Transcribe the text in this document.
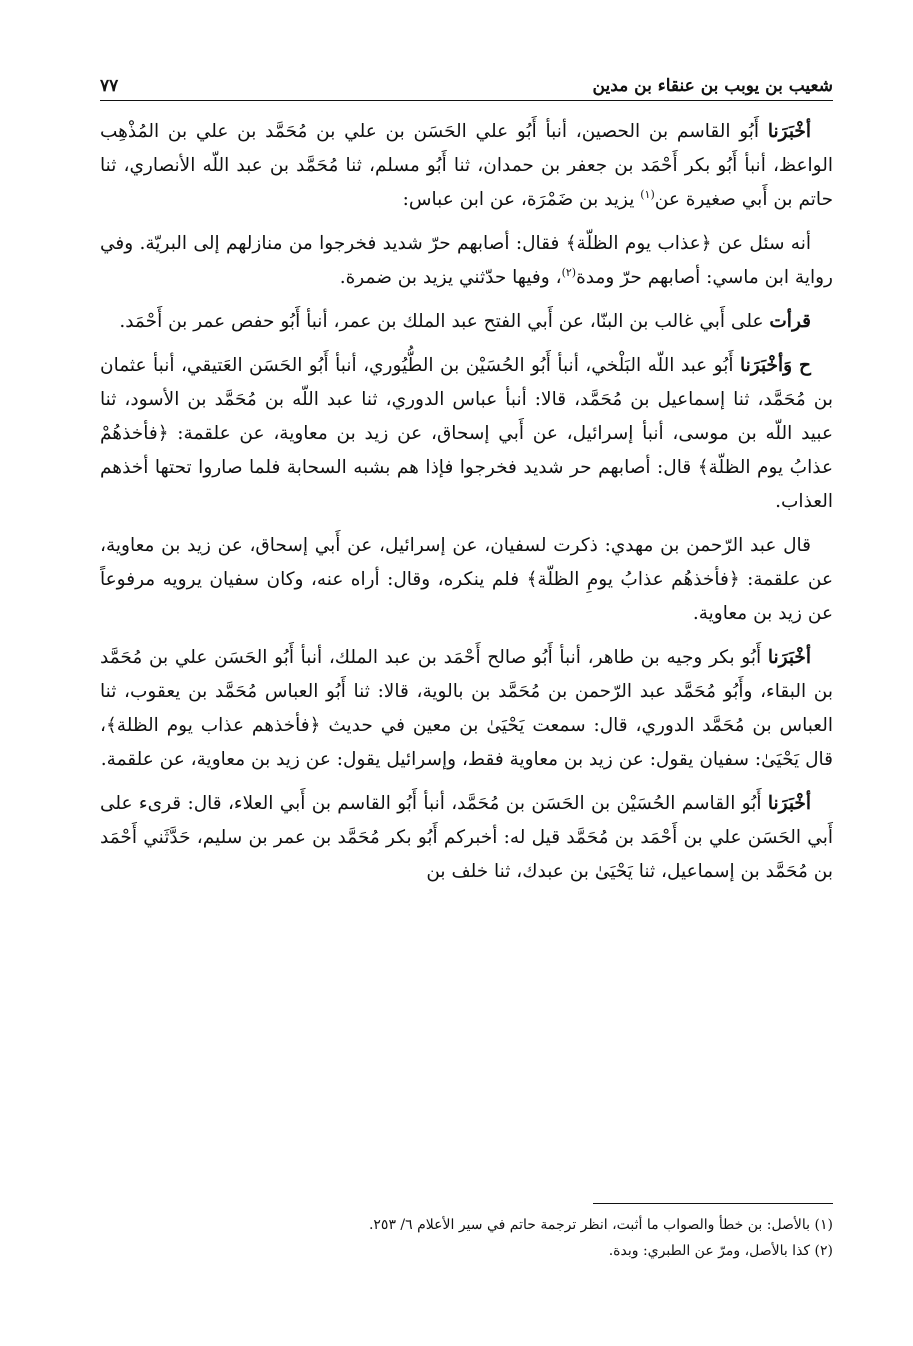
٧٧	شعيب بن يوبب بن عنقاء بن مدين

أخْبَرَنا أَبُو القاسم بن الحصين، أنبأ أَبُو علي الحَسَن بن علي بن مُحَمَّد بن علي بن المُذْهِب الواعظ، أنبأ أَبُو بكر أَحْمَد بن جعفر بن حمدان، ثنا أَبُو مسلم، ثنا مُحَمَّد بن عبد اللّه الأنصاري، ثنا حاتم بن أَبي صغيرة عن$^{(١)}$ يزيد بن ضَمْرَة، عن ابن عباس:

أنه سئل عن ﴿عذاب يوم الظلّة﴾ فقال: أصابهم حرّ شديد فخرجوا من منازلهم إلى البريّة. وفي رواية ابن ماسي: أصابهم حرّ ومدة$^{(٢)}$، وفيها حدّثني يزيد بن ضمرة.

قرأت على أَبي غالب بن البنّا، عن أَبي الفتح عبد الملك بن عمر، أنبأ أَبُو حفص عمر بن أَحْمَد.

ح وَأخْبَرَنا أَبُو عبد اللّه البَلْخي، أنبأ أَبُو الحُسَيْن بن الطُّيُوري، أنبأ أَبُو الحَسَن العَتيقي، أنبأ عثمان بن مُحَمَّد، ثنا إسماعيل بن مُحَمَّد، قالا: أنبأ عباس الدوري، ثنا عبد اللّه بن مُحَمَّد بن الأسود، ثنا عبيد اللّه بن موسى، أنبأ إسرائيل، عن أَبي إسحاق، عن زيد بن معاوية، عن علقمة: ﴿فأخذهُمْ عذابُ يوم الظلّة﴾ قال: أصابهم حر شديد فخرجوا فإذا هم بشبه السحابة فلما صاروا تحتها أخذهم العذاب.

قال عبد الرّحمن بن مهدي: ذكرت لسفيان، عن إسرائيل، عن أَبي إسحاق، عن زيد بن معاوية، عن علقمة: ﴿فأخذهُم عذابُ يومِ الظلّة﴾ فلم ينكره، وقال: أراه عنه، وكان سفيان يرويه مرفوعاً عن زيد بن معاوية.

أخْبَرَنا أَبُو بكر وجيه بن طاهر، أنبأ أَبُو صالح أَحْمَد بن عبد الملك، أنبأ أَبُو الحَسَن علي بن مُحَمَّد بن البقاء، وأَبُو مُحَمَّد عبد الرّحمن بن مُحَمَّد بن بالوية، قالا: ثنا أَبُو العباس مُحَمَّد بن يعقوب، ثنا العباس بن مُحَمَّد الدوري، قال: سمعت يَحْيَىٰ بن معين في حديث ﴿فأخذهم عذاب يوم الظلة﴾، قال يَحْيَىٰ: سفيان يقول: عن زيد بن معاوية فقط، وإسرائيل يقول: عن زيد بن معاوية، عن علقمة.

أخْبَرَنا أَبُو القاسم الحُسَيْن بن الحَسَن بن مُحَمَّد، أنبأ أَبُو القاسم بن أَبي العلاء، قال: قرىء على أَبي الحَسَن علي بن أَحْمَد بن مُحَمَّد قيل له: أخبركم أَبُو بكر مُحَمَّد بن عمر بن سليم، حَدَّثَني أَحْمَد بن مُحَمَّد بن إسماعيل، ثنا يَحْيَىٰ بن عبدك، ثنا خلف بن

(١) بالأصل: بن خطأ والصواب ما أثبت، انظر ترجمة حاتم في سير الأعلام ٦/ ٢٥٣.
(٢) كذا بالأصل، ومرّ عن الطبري: وبدة.
